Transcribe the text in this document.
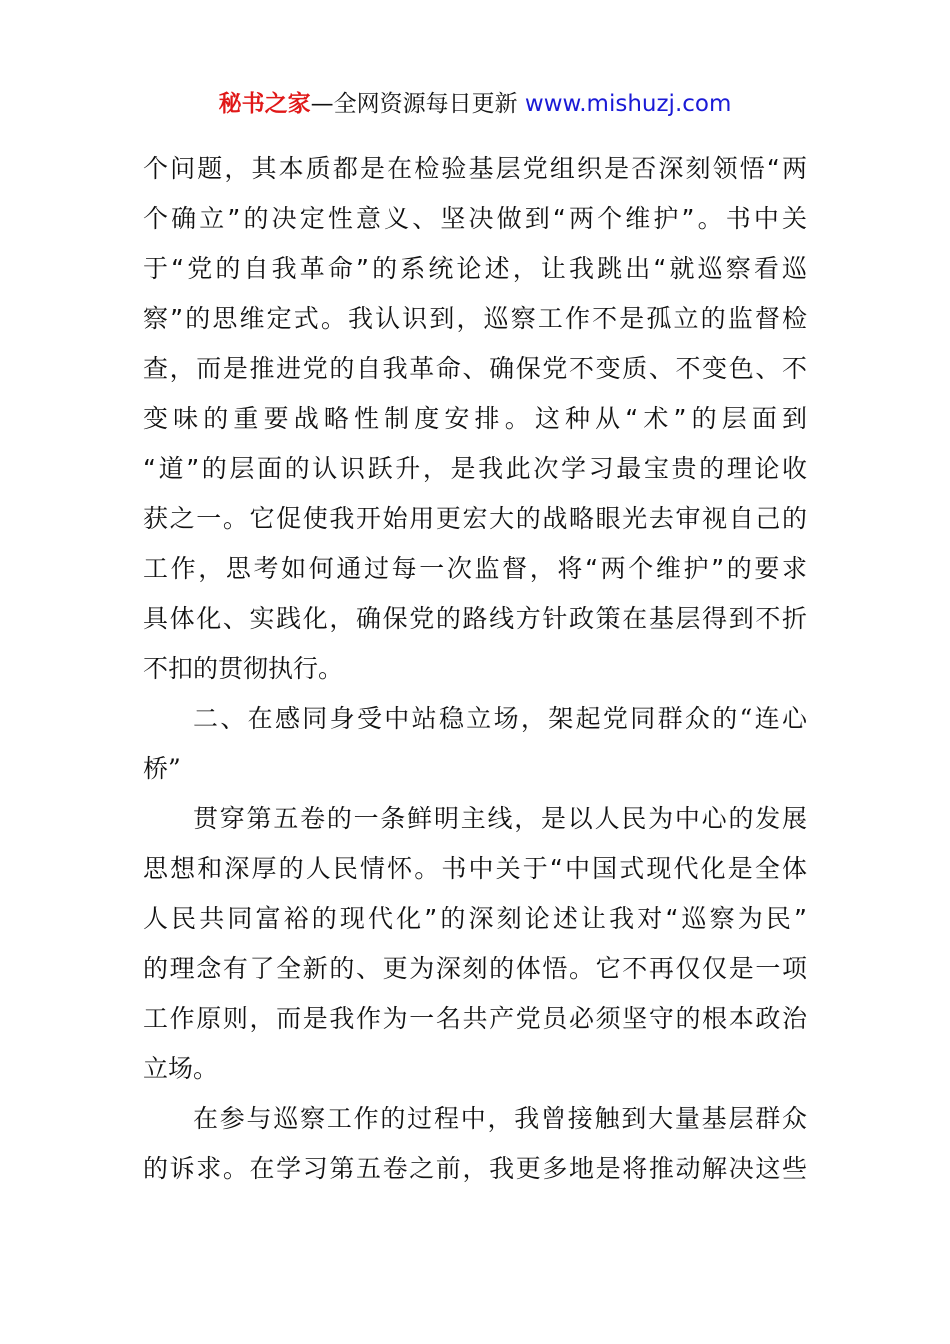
秘书之家—全网资源每日更新 www.mishuzj.com
个问题，其本质都是在检验基层党组织是否深刻领悟“两
个确立”的决定性意义、坚决做到“两个维护”。书中关
于“党的自我革命”的系统论述，让我跳出“就巡察看巡
察”的思维定式。我认识到，巡察工作不是孤立的监督检
查，而是推进党的自我革命、确保党不变质、不变色、不
变味的重要战略性制度安排。这种从“术”的层面到
“道”的层面的认识跃升，是我此次学习最宝贵的理论收
获之一。它促使我开始用更宏大的战略眼光去审视自己的
工作，思考如何通过每一次监督，将“两个维护”的要求
具体化、实践化，确保党的路线方针政策在基层得到不折
不扣的贯彻执行。
二、在感同身受中站稳立场，架起党同群众的“连心
桥”
贯穿第五卷的一条鲜明主线，是以人民为中心的发展
思想和深厚的人民情怀。书中关于“中国式现代化是全体
人民共同富裕的现代化”的深刻论述让我对“巡察为民”
的理念有了全新的、更为深刻的体悟。它不再仅仅是一项
工作原则，而是我作为一名共产党员必须坚守的根本政治
立场。
在参与巡察工作的过程中，我曾接触到大量基层群众
的诉求。在学习第五卷之前，我更多地是将推动解决这些
